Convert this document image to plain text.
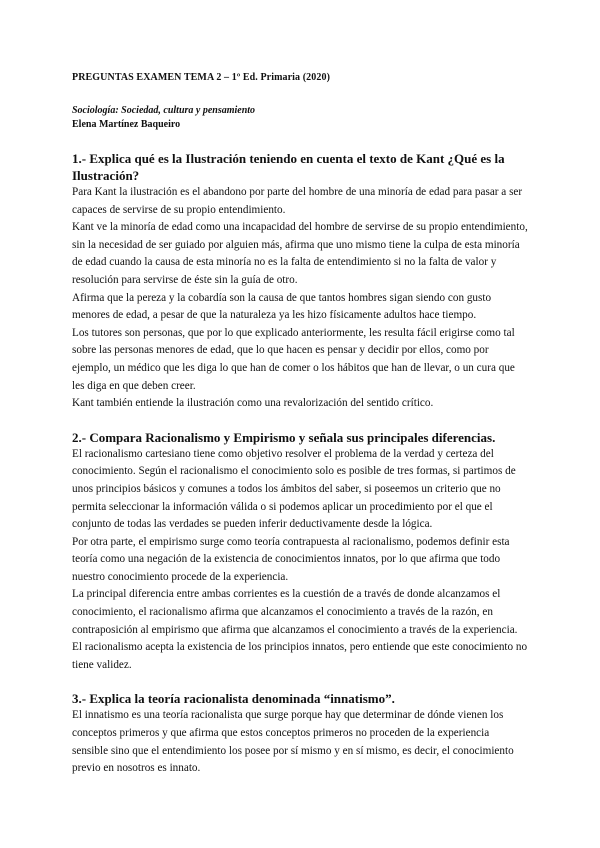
PREGUNTAS EXAMEN TEMA 2 – 1º Ed. Primaria (2020)
Sociología: Sociedad, cultura y pensamiento
Elena Martínez Baqueiro
1.- Explica qué es la Ilustración teniendo en cuenta el texto de Kant ¿Qué es la Ilustración?

Para Kant la ilustración es el abandono por parte del hombre de una minoría de edad para pasar a ser capaces de servirse de su propio entendimiento.

Kant ve la minoría de edad como una incapacidad del hombre de servirse de su propio entendimiento, sin la necesidad de ser guiado por alguien más, afirma que uno mismo tiene la culpa de esta minoría de edad cuando la causa de esta minoría no es la falta de entendimiento si no la falta de valor y resolución para servirse de éste sin la guía de otro.

Afirma que la pereza y la cobardía son la causa de que tantos hombres sigan siendo con gusto menores de edad, a pesar de que la naturaleza ya les hizo físicamente adultos hace tiempo.

Los tutores son personas, que por lo que explicado anteriormente, les resulta fácil erigirse como tal sobre las personas menores de edad, que lo que hacen es pensar y decidir por ellos, como por ejemplo, un médico que les diga lo que han de comer o los hábitos que han de llevar, o un cura que les diga en que deben creer.

Kant también entiende la ilustración como una revalorización del sentido crítico.

2.- Compara Racionalismo y Empirismo y señala sus principales diferencias.

El racionalismo cartesiano tiene como objetivo resolver el problema de la verdad y certeza del conocimiento. Según el racionalismo el conocimiento solo es posible de tres formas, si partimos de unos principios básicos y comunes a todos los ámbitos del saber, si poseemos un criterio que no permita seleccionar la información válida o si podemos aplicar un procedimiento por el que el conjunto de todas las verdades se pueden inferir deductivamente desde la lógica.

Por otra parte, el empirismo surge como teoría contrapuesta al racionalismo, podemos definir esta teoría como una negación de la existencia de conocimientos innatos, por lo que afirma que todo nuestro conocimiento procede de la experiencia.

La principal diferencia entre ambas corrientes es la cuestión de a través de donde alcanzamos el conocimiento, el racionalismo afirma que alcanzamos el conocimiento a través de la razón, en contraposición al empirismo que afirma que alcanzamos el conocimiento a través de la experiencia.

El racionalismo acepta la existencia de los principios innatos, pero entiende que este conocimiento no tiene validez.

3.- Explica la teoría racionalista denominada “innatismo”.

El innatismo es una teoría racionalista que surge porque hay que determinar de dónde vienen los conceptos primeros y que afirma que estos conceptos primeros no proceden de la experiencia sensible sino que el entendimiento los posee por sí mismo y en sí mismo, es decir, el conocimiento previo en nosotros es innato.
